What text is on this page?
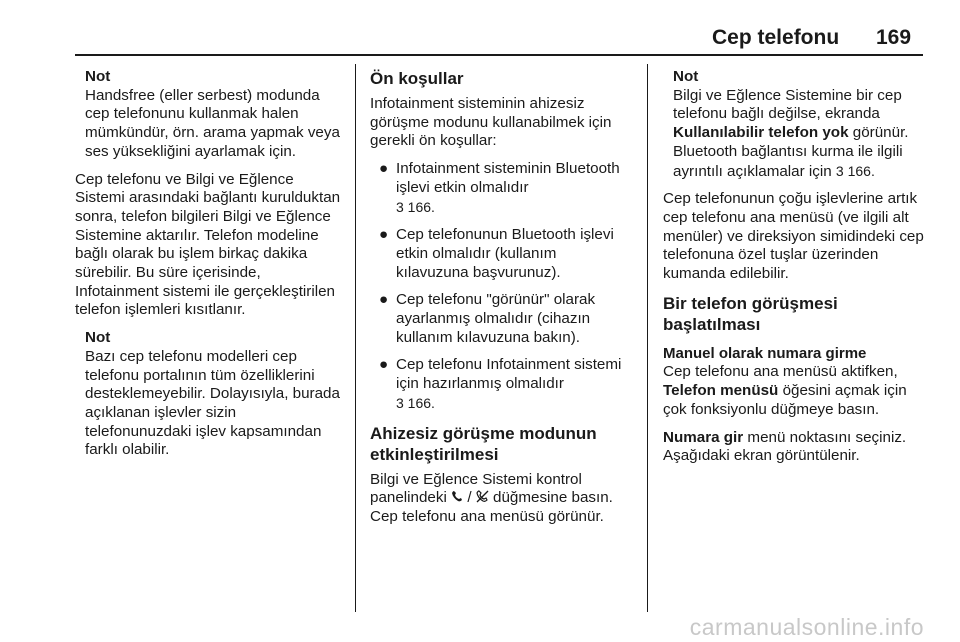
Cep telefonu 169
Not
Handsfree (eller serbest) modunda cep telefonunu kullanmak halen mümkündür, örn. arama yapmak veya ses yüksekliğini ayarlamak için.

Cep telefonu ve Bilgi ve Eğlence Sistemi arasındaki bağlantı kurulduktan sonra, telefon bilgileri Bilgi ve Eğlence Sistemine aktarılır. Telefon modeline bağlı olarak bu işlem birkaç dakika sürebilir. Bu süre içerisinde, Infotainment sistemi ile gerçekleştirilen telefon işlemleri kısıtlanır.

Not
Bazı cep telefonu modelleri cep telefonu portalının tüm özelliklerini desteklemeyebilir. Dolayısıyla, burada açıklanan işlevler sizin telefonunuzdaki işlev kapsamından farklı olabilir.
Ön koşullar

Infotainment sisteminin ahizesiz görüşme modunu kullanabilmek için gerekli ön koşullar:

● Infotainment sisteminin Bluetooth işlevi etkin olmalıdır
3 166.
● Cep telefonunun Bluetooth işlevi etkin olmalıdır (kullanım kılavuzuna başvurunuz).
● Cep telefonu "görünür" olarak ayarlanmış olmalıdır (cihazın kullanım kılavuzuna bakın).
● Cep telefonu Infotainment sistemi için hazırlanmış olmalıdır
3 166.
Ahizesiz görüşme modunun etkinleştirilmesi

Bilgi ve Eğlence Sistemi kontrol panelindeki / düğmesine basın. Cep telefonu ana menüsü görünür.

Not
Bilgi ve Eğlence Sistemine bir cep telefonu bağlı değilse, ekranda Kullanılabilir telefon yok görünür. Bluetooth bağlantısı kurma ile ilgili ayrıntılı açıklamalar için 3 166.

Cep telefonunun çoğu işlevlerine artık cep telefonu ana menüsü (ve ilgili alt menüler) ve direksiyon simidindeki cep telefonuna özel tuşlar üzerinden kumanda edilebilir.

Bir telefon görüşmesi başlatılması
Manuel olarak numara girme

Cep telefonu ana menüsü aktifken, Telefon menüsü öğesini açmak için çok fonksiyonlu düğmeye basın.

Numara gir menü noktasını seçiniz. Aşağıdaki ekran görüntülenir.

carmanualsonline.info
